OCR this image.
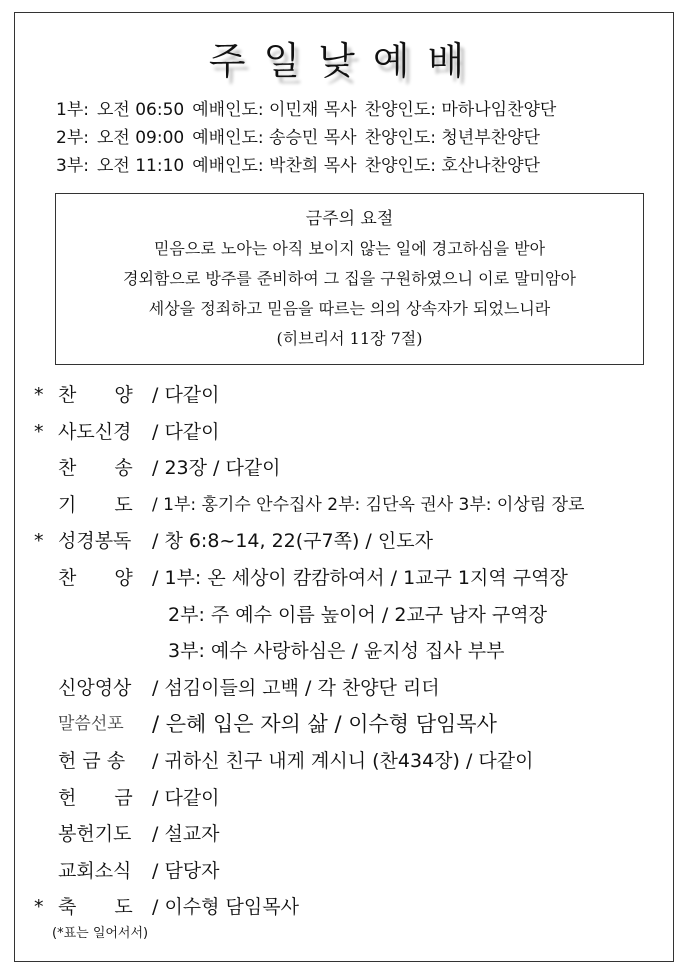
주일낮예배
1부: 오전 06:50 예배인도: 이민재 목사 찬양인도: 마하나임찬양단
2부: 오전 09:00 예배인도: 송승민 목사 찬양인도: 청년부찬양단
3부: 오전 11:10 예배인도: 박찬희 목사 찬양인도: 호산나찬양단
금주의 요절
믿음으로 노아는 아직 보이지 않는 일에 경고하심을 받아
경외함으로 방주를 준비하여 그 집을 구원하였으니 이로 말미암아
세상을 정죄하고 믿음을 따르는 의의 상속자가 되었느니라
(히브리서 11장 7절)
* 찬　　양 / 다같이
* 사도신경 / 다같이
찬　　송 / 23장 / 다같이
기　　도 / 1부: 홍기수 안수집사 2부: 김단옥 권사 3부: 이상림 장로
* 성경봉독 / 창 6:8~14, 22(구7쪽) / 인도자
찬　　양 / 1부: 온 세상이 캄캄하여서 / 1교구 1지역 구역장
2부: 주 예수 이름 높이어 / 2교구 남자 구역장
3부: 예수 사랑하심은 / 윤지성 집사 부부
신앙영상 / 섬김이들의 고백 / 각 찬양단 리더
말씀선포 / 은혜 입은 자의 삶 / 이수형 담임목사
헌 금 송 / 귀하신 친구 내게 계시니 (찬434장) / 다같이
헌　　금 / 다같이
봉헌기도 / 설교자
교회소식 / 담당자
* 축　　도 / 이수형 담임목사
(*표는 일어서서)
